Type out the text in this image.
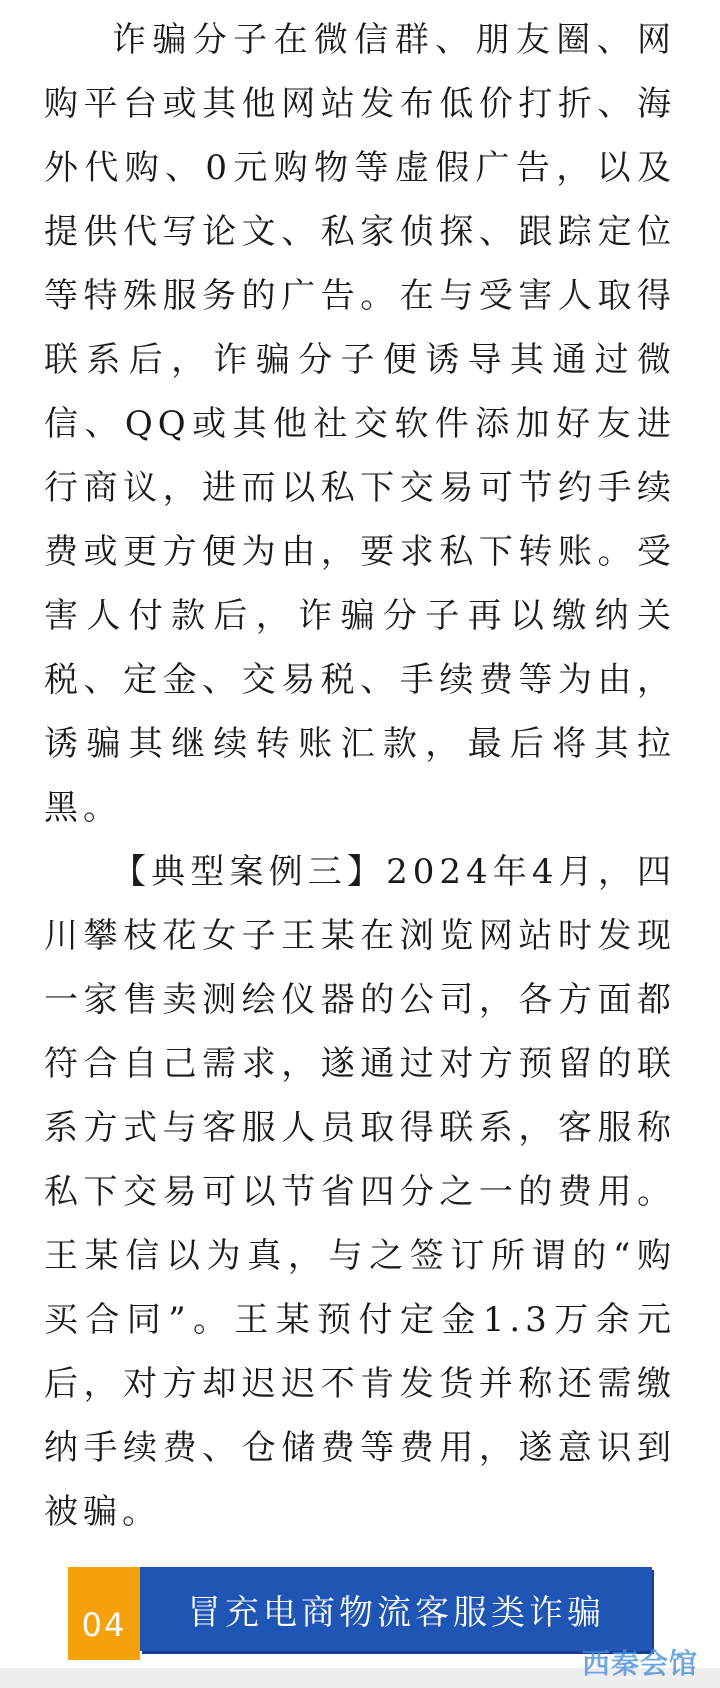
诈骗分子在微信群、朋友圈、网购平台或其他网站发布低价打折、海外代购、0元购物等虚假广告，以及提供代写论文、私家侦探、跟踪定位等特殊服务的广告。在与受害人取得联系后，诈骗分子便诱导其通过微信、QQ或其他社交软件添加好友进行商议，进而以私下交易可节约手续费或更方便为由，要求私下转账。受害人付款后，诈骗分子再以缴纳关税、定金、交易税、手续费等为由，诱骗其继续转账汇款，最后将其拉黑。

【典型案例三】2024年4月，四川攀枝花女子王某在浏览网站时发现一家售卖测绘仪器的公司，各方面都符合自己需求，遂通过对方预留的联系方式与客服人员取得联系，客服称私下交易可以节省四分之一的费用。王某信以为真，与之签订所谓的“购买合同”。王某预付定金1.3万余元后，对方却迟迟不肯发货并称还需缴纳手续费、仓储费等费用，遂意识到被骗。

04 冒充电商物流客服类诈骗
西秦会馆
